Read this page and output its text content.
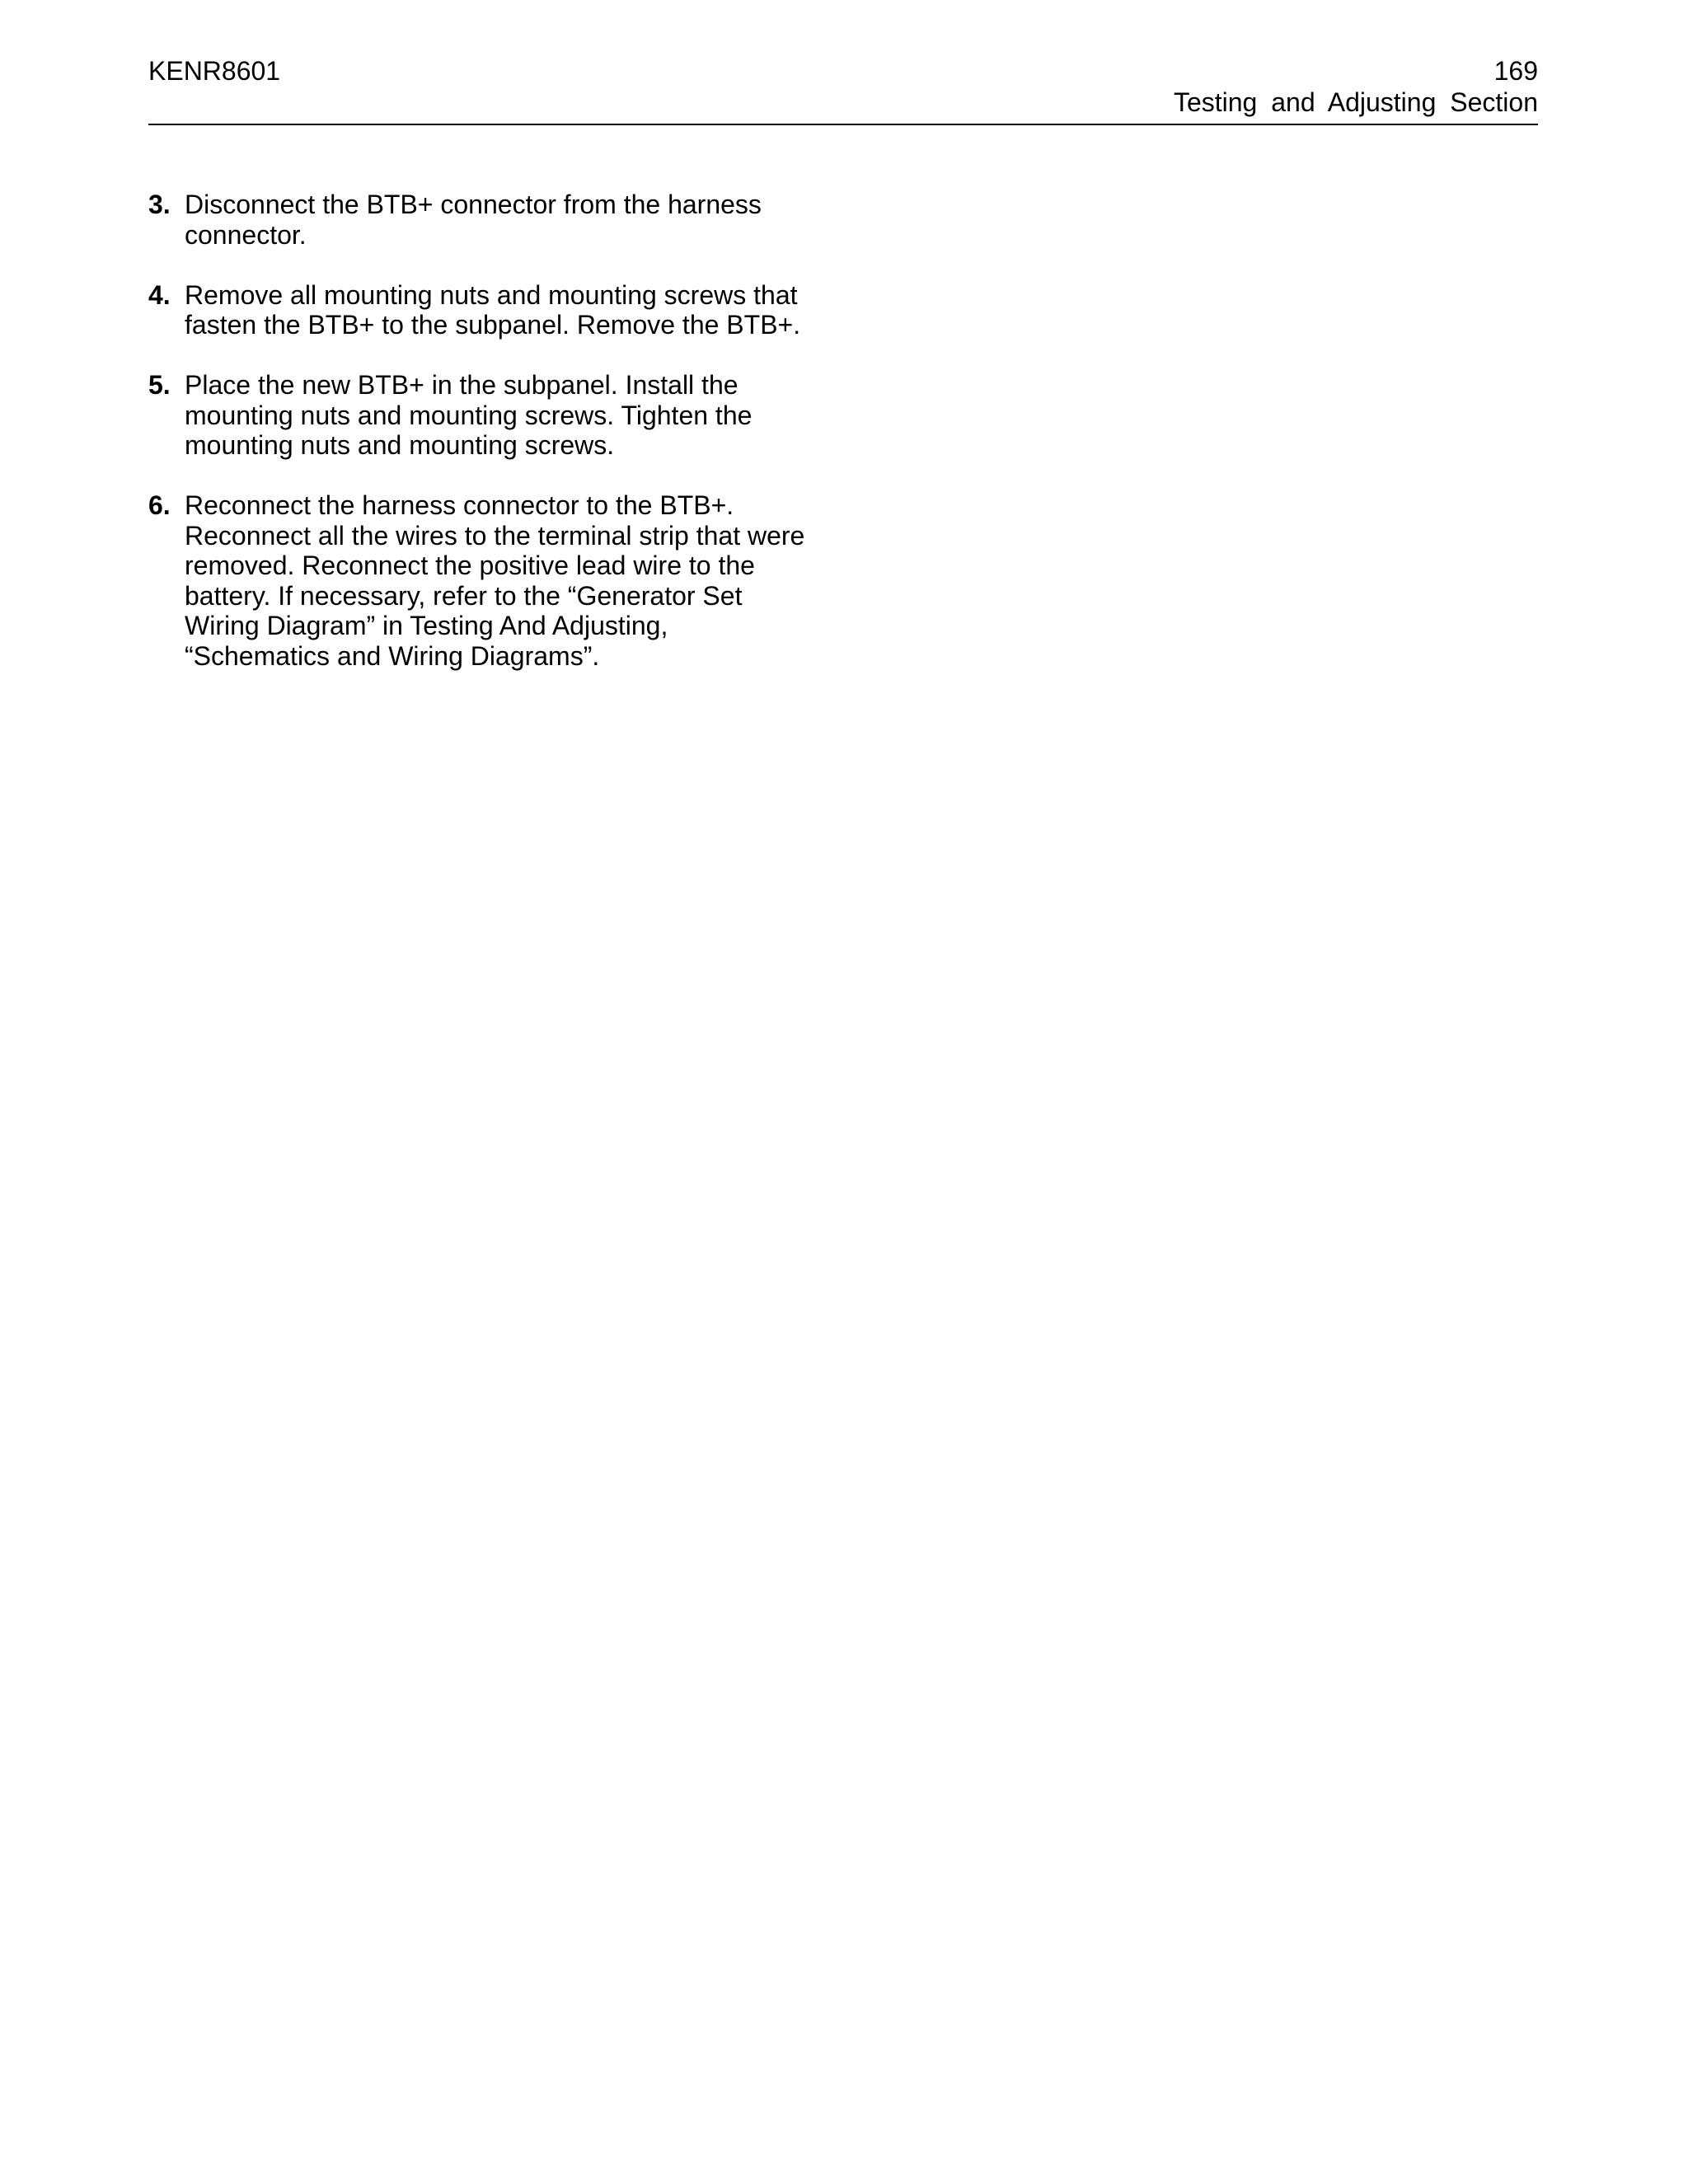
KENR8601	169
Testing and Adjusting Section
3. Disconnect the BTB+ connector from the harness connector.
4. Remove all mounting nuts and mounting screws that fasten the BTB+ to the subpanel. Remove the BTB+.
5. Place the new BTB+ in the subpanel. Install the mounting nuts and mounting screws. Tighten the mounting nuts and mounting screws.
6. Reconnect the harness connector to the BTB+. Reconnect all the wires to the terminal strip that were removed. Reconnect the positive lead wire to the battery. If necessary, refer to the “Generator Set Wiring Diagram” in Testing And Adjusting, “Schematics and Wiring Diagrams”.
